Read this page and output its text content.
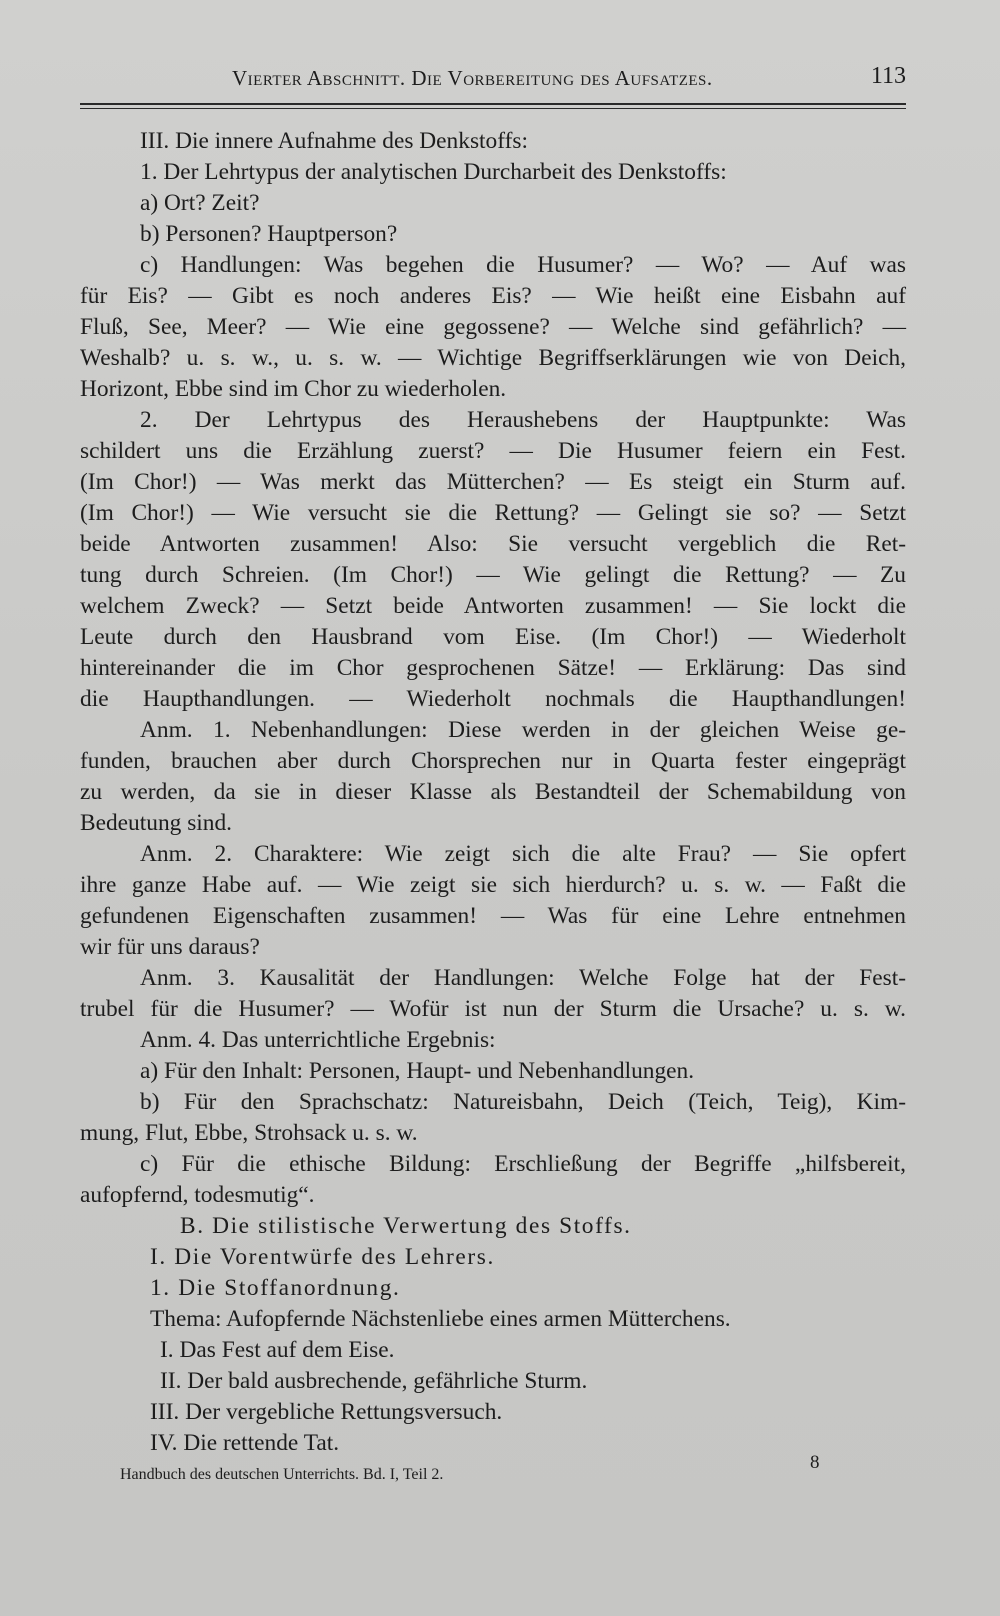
Vierter Abschnitt. Die Vorbereitung des Aufsatzes.	113
III. Die innere Aufnahme des Denkstoffs:
1. Der Lehrtypus der analytischen Durcharbeit des Denkstoffs:
a) Ort? Zeit?
b) Personen? Hauptperson?
c) Handlungen: Was begehen die Husumer? — Wo? — Auf was
für Eis? — Gibt es noch anderes Eis? — Wie heißt eine Eisbahn auf
Fluß, See, Meer? — Wie eine gegossene? — Welche sind gefährlich? —
Weshalb? u. s. w., u. s. w. — Wichtige Begriffserklärungen wie von Deich,
Horizont, Ebbe sind im Chor zu wiederholen.
2. Der Lehrtypus des Heraushebens der Hauptpunkte: Was
schildert uns die Erzählung zuerst? — Die Husumer feiern ein Fest.
(Im Chor!) — Was merkt das Mütterchen? — Es steigt ein Sturm auf.
(Im Chor!) — Wie versucht sie die Rettung? — Gelingt sie so? — Setzt
beide Antworten zusammen! Also: Sie versucht vergeblich die Ret-
tung durch Schreien. (Im Chor!) — Wie gelingt die Rettung? — Zu
welchem Zweck? — Setzt beide Antworten zusammen! — Sie lockt die
Leute durch den Hausbrand vom Eise. (Im Chor!) — Wiederholt
hintereinander die im Chor gesprochenen Sätze! — Erklärung: Das sind
die Haupthandlungen. — Wiederholt nochmals die Haupthandlungen!
Anm. 1. Nebenhandlungen: Diese werden in der gleichen Weise ge-
funden, brauchen aber durch Chorsprechen nur in Quarta fester eingeprägt
zu werden, da sie in dieser Klasse als Bestandteil der Schemabildung von
Bedeutung sind.
Anm. 2. Charaktere: Wie zeigt sich die alte Frau? — Sie opfert
ihre ganze Habe auf. — Wie zeigt sie sich hierdurch? u. s. w. — Faßt die
gefundenen Eigenschaften zusammen! — Was für eine Lehre entnehmen
wir für uns daraus?
Anm. 3. Kausalität der Handlungen: Welche Folge hat der Fest-
trubel für die Husumer? — Wofür ist nun der Sturm die Ursache? u. s. w.
Anm. 4. Das unterrichtliche Ergebnis:
a) Für den Inhalt: Personen, Haupt- und Nebenhandlungen.
b) Für den Sprachschatz: Natureisbahn, Deich (Teich, Teig), Kim-
mung, Flut, Ebbe, Strohsack u. s. w.
c) Für die ethische Bildung: Erschließung der Begriffe „hilfsbereit,
aufopfernd, todesmutig“.
B. Die stilistische Verwertung des Stoffs.
I. Die Vorentwürfe des Lehrers.
1. Die Stoffanordnung.
Thema: Aufopfernde Nächstenliebe eines armen Mütterchens.
I. Das Fest auf dem Eise.
II. Der bald ausbrechende, gefährliche Sturm.
III. Der vergebliche Rettungsversuch.
IV. Die rettende Tat.
Handbuch des deutschen Unterrichts. Bd. I, Teil 2.
8
